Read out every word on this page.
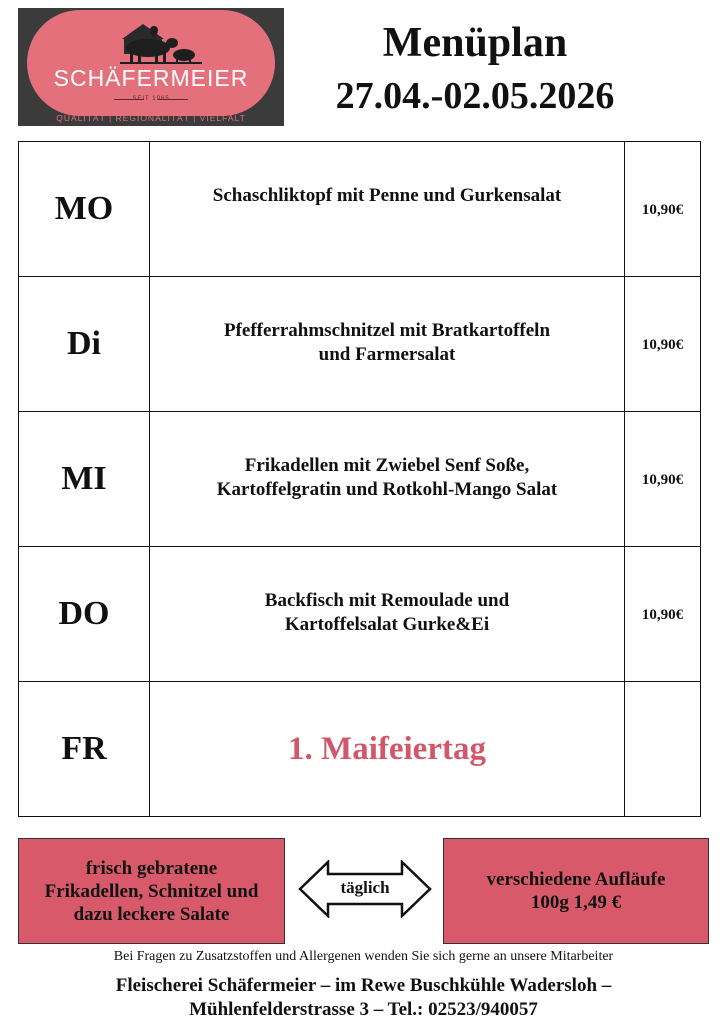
SCHÄFERMEIER
SEIT 1965
QUALITÄT | REGIONALITÄT | VIELFALT
Menüplan
27.04.-02.05.2026
MO	Schaschliktopf mit Penne und Gurkensalat	10,90€
Di	Pfefferrahmschnitzel mit Bratkartoffeln
und Farmersalat	10,90€
MI	Frikadellen mit Zwiebel Senf Soße,
Kartoffelgratin und Rotkohl-Mango Salat	10,90€
DO	Backfisch mit Remoulade und
Kartoffelsalat Gurke&Ei	10,90€
FR	1. Maifeiertag	
frisch gebratene
Frikadellen, Schnitzel und
dazu leckere Salate
täglich	verschiedene Aufläufe
100g 1,49 €
Bei Fragen zu Zusatzstoffen und Allergenen wenden Sie sich gerne an unsere Mitarbeiter
Fleischerei Schäfermeier – im Rewe Buschkühle Wadersloh –
Mühlenfelderstrasse 3 – Tel.: 02523/940057
